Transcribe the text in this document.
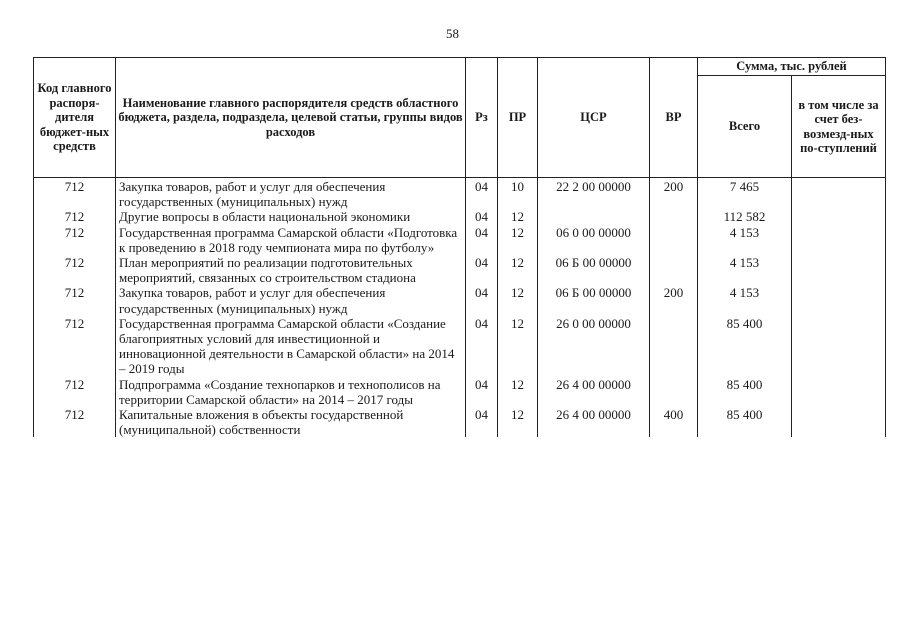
58
Код главного распоря-дителя бюджет-ных средств	Наименование главного распорядителя средств областного бюджета, раздела, подраздела, целевой статьи, группы видов расходов	Рз	ПР	ЦСР	ВР	Сумма, тыс. рублей	
						Всего	в том числе за счет без-возмезд-ных по-ступлений
712	Закупка товаров, работ и услуг для обеспечения государственных (муниципальных) нужд	04	10	22 2 00 00000	200	7 465	
712	Другие вопросы в области национальной экономики	04	12			112 582	
712	Государственная программа Самарской области «Подготовка к проведению в 2018 году чемпионата мира по футболу»	04	12	06 0 00 00000		4 153	
712	План мероприятий по реализации подготовительных мероприятий, связанных со строительством стадиона	04	12	06 Б 00 00000		4 153	
712	Закупка товаров, работ и услуг для обеспечения государственных (муниципальных) нужд	04	12	06 Б 00 00000	200	4 153	
712	Государственная программа Самарской области «Создание благоприятных условий для инвестиционной и инновационной деятельности в Самарской области» на 2014 – 2019 годы	04	12	26 0 00 00000		85 400	
712	Подпрограмма «Создание технопарков и технополисов на территории Самарской области» на 2014 – 2017 годы	04	12	26 4 00 00000		85 400	
712	Капитальные вложения в объекты государственной (муниципальной) собственности	04	12	26 4 00 00000	400	85 400	
